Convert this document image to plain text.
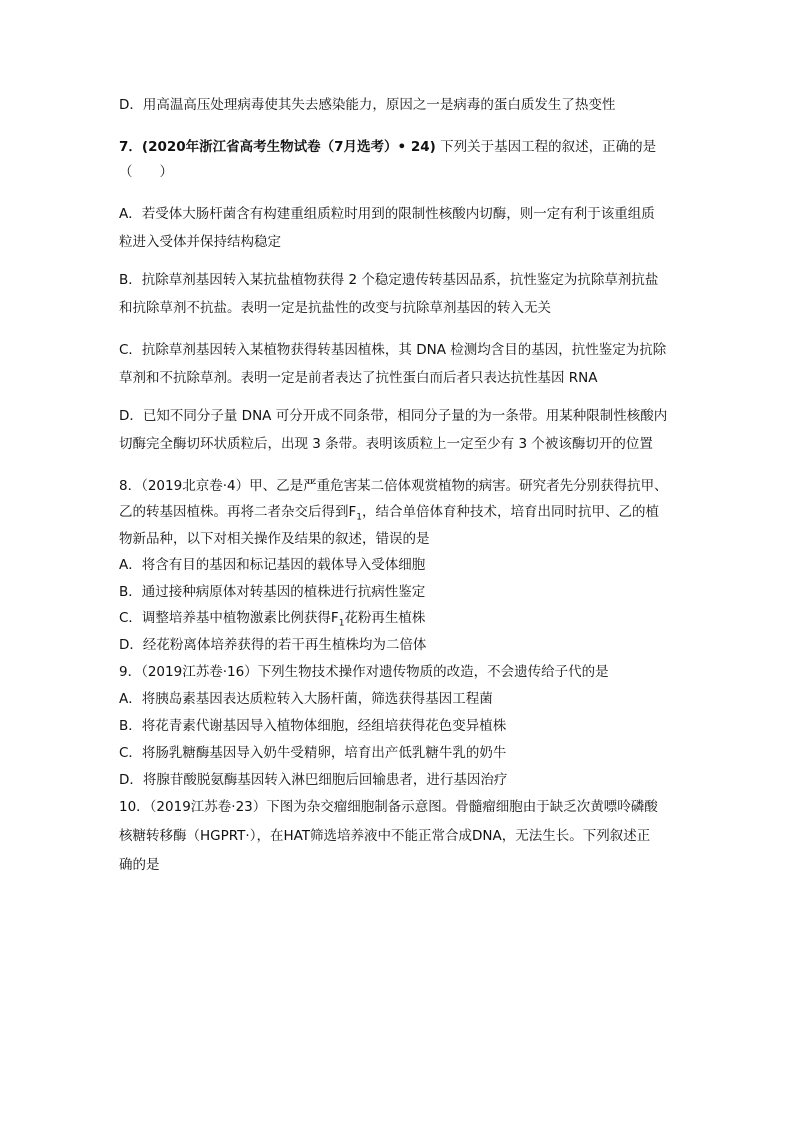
D．用高温高压处理病毒使其失去感染能力，原因之一是病毒的蛋白质发生了热变性
7．(2020年浙江省高考生物试卷（7月选考）• 24) 下列关于基因工程的叙述，正确的是
（　　）
A．若受体大肠杆菌含有构建重组质粒时用到的限制性核酸内切酶，则一定有利于该重组质
粒进入受体并保持结构稳定
B．抗除草剂基因转入某抗盐植物获得 2 个稳定遗传转基因品系，抗性鉴定为抗除草剂抗盐
和抗除草剂不抗盐。表明一定是抗盐性的改变与抗除草剂基因的转入无关
C．抗除草剂基因转入某植物获得转基因植株，其 DNA 检测均含目的基因，抗性鉴定为抗除
草剂和不抗除草剂。表明一定是前者表达了抗性蛋白而后者只表达抗性基因 RNA
D．已知不同分子量 DNA 可分开成不同条带，相同分子量的为一条带。用某种限制性核酸内
切酶完全酶切环状质粒后，出现 3 条带。表明该质粒上一定至少有 3 个被该酶切开的位置
8．（2019北京卷·4）甲、乙是严重危害某二倍体观赏植物的病害。研究者先分别获得抗甲、
乙的转基因植株。再将二者杂交后得到$F_1$，结合单倍体育种技术，培育出同时抗甲、乙的植
物新品种，以下对相关操作及结果的叙述，错误的是
A．将含有目的基因和标记基因的载体导入受体细胞
B．通过接种病原体对转基因的植株进行抗病性鉴定
C．调整培养基中植物激素比例获得$F_1$花粉再生植株
D．经花粉离体培养获得的若干再生植株均为二倍体
9．（2019江苏卷·16）下列生物技术操作对遗传物质的改造，不会遗传给子代的是
A．将胰岛素基因表达质粒转入大肠杆菌，筛选获得基因工程菌
B．将花青素代谢基因导入植物体细胞，经组培获得花色变异植株
C．将肠乳糖酶基因导入奶牛受精卵，培育出产低乳糖牛乳的奶牛
D．将腺苷酸脱氨酶基因转入淋巴细胞后回输患者，进行基因治疗
10．（2019江苏卷·23）下图为杂交瘤细胞制备示意图。骨髓瘤细胞由于缺乏次黄嘌呤磷酸
核糖转移酶（HGPRT·），在HAT筛选培养液中不能正常合成DNA，无法生长。下列叙述正
确的是
